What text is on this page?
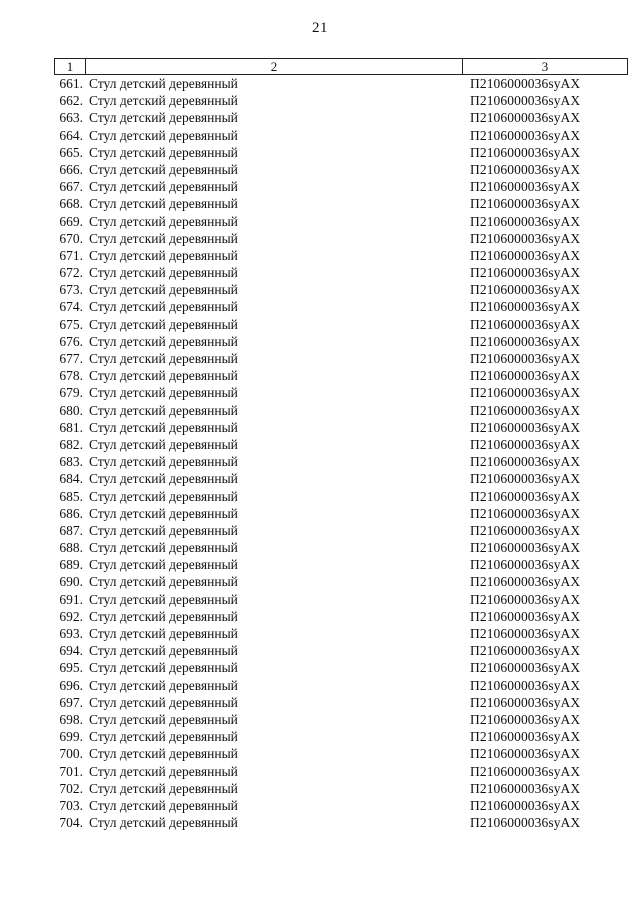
21
1	2	3
661. Стул детский деревянный	П2106000036syAX
662. Стул детский деревянный	П2106000036syAX
663. Стул детский деревянный	П2106000036syAX
664. Стул детский деревянный	П2106000036syAX
665. Стул детский деревянный	П2106000036syAX
666. Стул детский деревянный	П2106000036syAX
667. Стул детский деревянный	П2106000036syAX
668. Стул детский деревянный	П2106000036syAX
669. Стул детский деревянный	П2106000036syAX
670. Стул детский деревянный	П2106000036syAX
671. Стул детский деревянный	П2106000036syAX
672. Стул детский деревянный	П2106000036syAX
673. Стул детский деревянный	П2106000036syAX
674. Стул детский деревянный	П2106000036syAX
675. Стул детский деревянный	П2106000036syAX
676. Стул детский деревянный	П2106000036syAX
677. Стул детский деревянный	П2106000036syAX
678. Стул детский деревянный	П2106000036syAX
679. Стул детский деревянный	П2106000036syAX
680. Стул детский деревянный	П2106000036syAX
681. Стул детский деревянный	П2106000036syAX
682. Стул детский деревянный	П2106000036syAX
683. Стул детский деревянный	П2106000036syAX
684. Стул детский деревянный	П2106000036syAX
685. Стул детский деревянный	П2106000036syAX
686. Стул детский деревянный	П2106000036syAX
687. Стул детский деревянный	П2106000036syAX
688. Стул детский деревянный	П2106000036syAX
689. Стул детский деревянный	П2106000036syAX
690. Стул детский деревянный	П2106000036syAX
691. Стул детский деревянный	П2106000036syAX
692. Стул детский деревянный	П2106000036syAX
693. Стул детский деревянный	П2106000036syAX
694. Стул детский деревянный	П2106000036syAX
695. Стул детский деревянный	П2106000036syAX
696. Стул детский деревянный	П2106000036syAX
697. Стул детский деревянный	П2106000036syAX
698. Стул детский деревянный	П2106000036syAX
699. Стул детский деревянный	П2106000036syAX
700. Стул детский деревянный	П2106000036syAX
701. Стул детский деревянный	П2106000036syAX
702. Стул детский деревянный	П2106000036syAX
703. Стул детский деревянный	П2106000036syAX
704. Стул детский деревянный	П2106000036syAX
